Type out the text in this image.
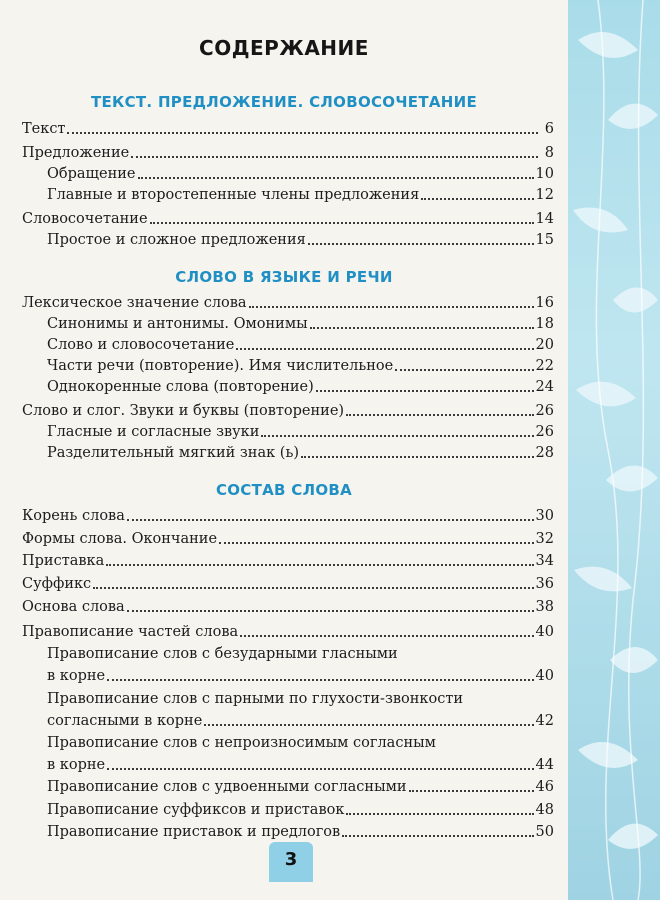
СОДЕРЖАНИЕ
ТЕКСТ. ПРЕДЛОЖЕНИЕ. СЛОВОСОЧЕТАНИЕ
Текст	6
Предложение	8
Обращение	10
Главные и второстепенные члены предложения	12
Словосочетание	14
Простое и сложное предложения	15
СЛОВО В ЯЗЫКЕ И РЕЧИ
Лексическое значение слова	16
Синонимы и антонимы. Омонимы	18
Слово и словосочетание	20
Части речи (повторение). Имя числительное	22
Однокоренные слова (повторение)	24
Слово и слог. Звуки и буквы (повторение)	26
Гласные и согласные звуки	26
Разделительный мягкий знак (ь)	28
СОСТАВ СЛОВА
Корень слова	30
Формы слова. Окончание	32
Приставка	34
Суффикс	36
Основа слова	38
Правописание частей слова	40
Правописание слов с безударными гласными
в корне	40
Правописание слов с парными по глухости-звонкости
согласными в корне	42
Правописание слов с непроизносимым согласным
в корне	44
Правописание слов с удвоенными согласными	46
Правописание суффиксов и приставок	48
Правописание приставок и предлогов	50
3
